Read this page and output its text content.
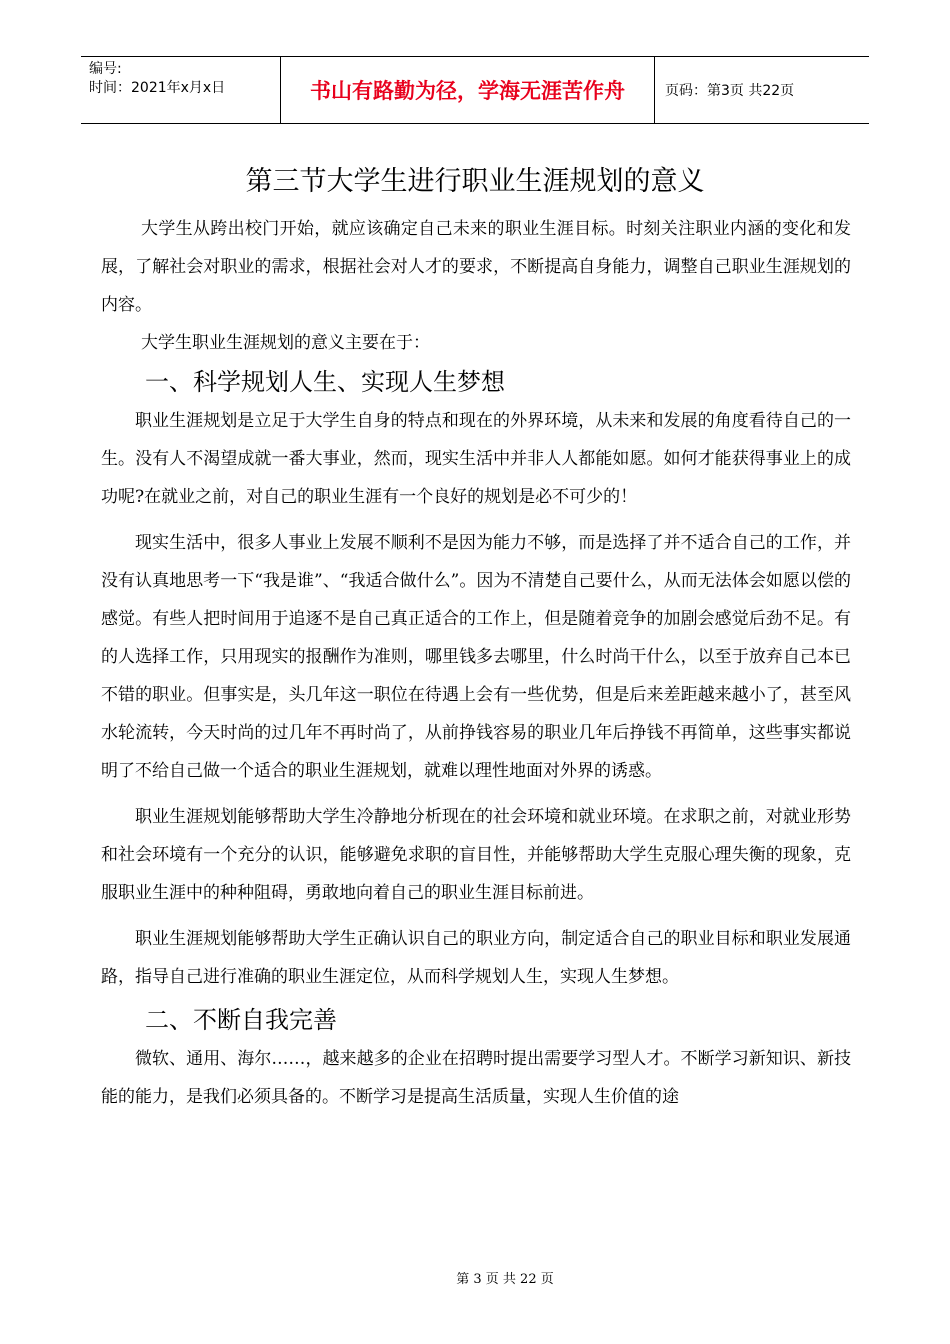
编号:
时间：2021年x月x日	书山有路勤为径，学海无涯苦作舟	页码：第3页 共22页
第三节大学生进行职业生涯规划的意义

大学生从跨出校门开始，就应该确定自己未来的职业生涯目标。时刻关注职业内涵的变化和发展，了解社会对职业的需求，根据社会对人才的要求，不断提高自身能力，调整自己职业生涯规划的内容。

大学生职业生涯规划的意义主要在于：

一、科学规划人生、实现人生梦想

职业生涯规划是立足于大学生自身的特点和现在的外界环境，从未来和发展的角度看待自己的一生。没有人不渴望成就一番大事业，然而，现实生活中并非人人都能如愿。如何才能获得事业上的成功呢?在就业之前，对自己的职业生涯有一个良好的规划是必不可少的！

现实生活中，很多人事业上发展不顺利不是因为能力不够，而是选择了并不适合自己的工作，并没有认真地思考一下“我是谁”、“我适合做什么”。因为不清楚自己要什么，从而无法体会如愿以偿的感觉。有些人把时间用于追逐不是自己真正适合的工作上，但是随着竞争的加剧会感觉后劲不足。有的人选择工作，只用现实的报酬作为准则，哪里钱多去哪里，什么时尚干什么，以至于放弃自己本已不错的职业。但事实是，头几年这一职位在待遇上会有一些优势，但是后来差距越来越小了，甚至风水轮流转，今天时尚的过几年不再时尚了，从前挣钱容易的职业几年后挣钱不再简单，这些事实都说明了不给自己做一个适合的职业生涯规划，就难以理性地面对外界的诱惑。

职业生涯规划能够帮助大学生冷静地分析现在的社会环境和就业环境。在求职之前，对就业形势和社会环境有一个充分的认识，能够避免求职的盲目性，并能够帮助大学生克服心理失衡的现象，克服职业生涯中的种种阻碍，勇敢地向着自己的职业生涯目标前进。

职业生涯规划能够帮助大学生正确认识自己的职业方向，制定适合自己的职业目标和职业发展通路，指导自己进行准确的职业生涯定位，从而科学规划人生，实现人生梦想。

二、不断自我完善

微软、通用、海尔……，越来越多的企业在招聘时提出需要学习型人才。不断学习新知识、新技能的能力，是我们必须具备的。不断学习是提高生活质量，实现人生价值的途

第 3 页 共 22 页
